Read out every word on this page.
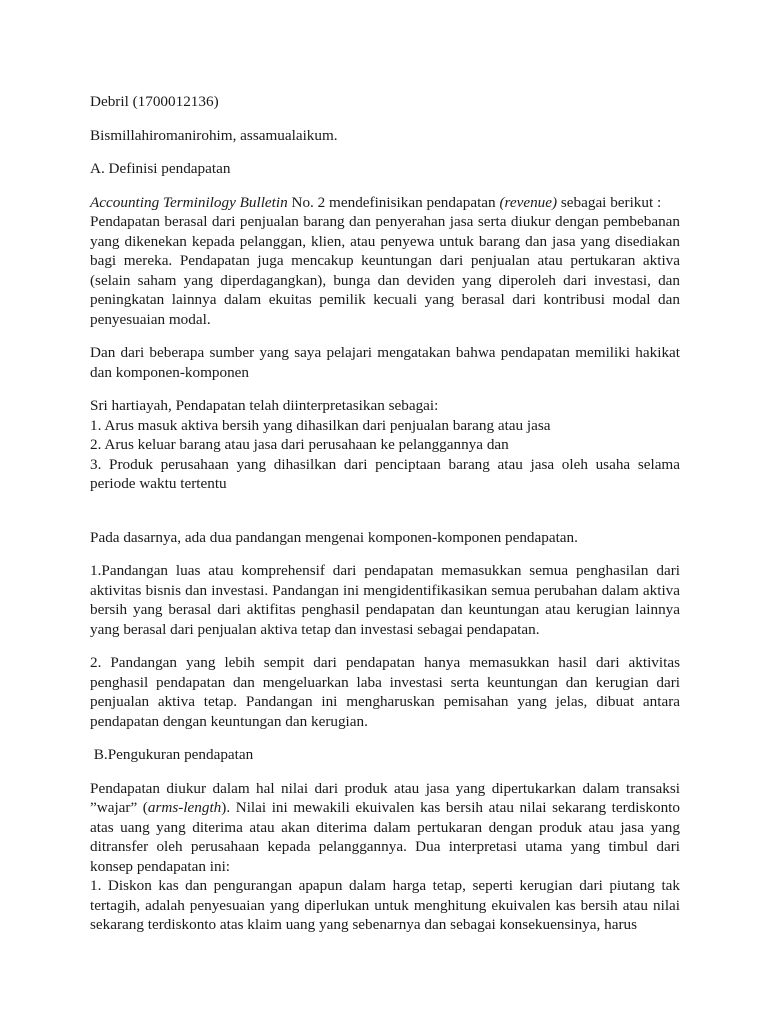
Debril (1700012136)

Bismillahiromanirohim, assamualaikum.

A. Definisi pendapatan

Accounting Terminilogy Bulletin No. 2 mendefinisikan pendapatan (revenue) sebagai berikut :

Pendapatan berasal dari penjualan barang dan penyerahan jasa serta diukur dengan pembebanan yang dikenekan kepada pelanggan, klien, atau penyewa untuk barang dan jasa yang disediakan bagi mereka. Pendapatan juga mencakup keuntungan dari penjualan atau pertukaran aktiva (selain saham yang diperdagangkan), bunga dan deviden yang diperoleh dari investasi, dan peningkatan lainnya dalam ekuitas pemilik kecuali yang berasal dari kontribusi modal dan penyesuaian modal.

Dan dari beberapa sumber yang saya pelajari mengatakan bahwa pendapatan memiliki hakikat dan komponen-komponen

Sri hartiayah, Pendapatan telah diinterpretasikan sebagai:

1. Arus masuk aktiva bersih yang dihasilkan dari penjualan barang atau jasa

2. Arus keluar barang atau jasa dari perusahaan ke pelanggannya dan

3. Produk perusahaan yang dihasilkan dari penciptaan barang atau jasa oleh usaha selama periode waktu tertentu

Pada dasarnya, ada dua pandangan mengenai komponen-komponen pendapatan.

1.Pandangan luas atau komprehensif dari pendapatan memasukkan semua penghasilan dari aktivitas bisnis dan investasi. Pandangan ini mengidentifikasikan semua perubahan dalam aktiva bersih yang berasal dari aktifitas penghasil pendapatan dan keuntungan atau kerugian lainnya yang berasal dari penjualan aktiva tetap dan investasi sebagai pendapatan.

2. Pandangan yang lebih sempit dari pendapatan hanya memasukkan hasil dari aktivitas penghasil pendapatan dan mengeluarkan laba investasi serta keuntungan dan kerugian dari penjualan aktiva tetap. Pandangan ini mengharuskan pemisahan yang jelas, dibuat antara pendapatan dengan keuntungan dan kerugian.

B.Pengukuran pendapatan

Pendapatan diukur dalam hal nilai dari produk atau jasa yang dipertukarkan dalam transaksi ”wajar” (arms-length). Nilai ini mewakili ekuivalen kas bersih atau nilai sekarang terdiskonto atas uang yang diterima atau akan diterima dalam pertukaran dengan produk atau jasa yang ditransfer oleh perusahaan kepada pelanggannya. Dua interpretasi utama yang timbul dari konsep pendapatan ini:

1. Diskon kas dan pengurangan apapun dalam harga tetap, seperti kerugian dari piutang tak tertagih, adalah penyesuaian yang diperlukan untuk menghitung ekuivalen kas bersih atau nilai sekarang terdiskonto atas klaim uang yang sebenarnya dan sebagai konsekuensinya, harus
